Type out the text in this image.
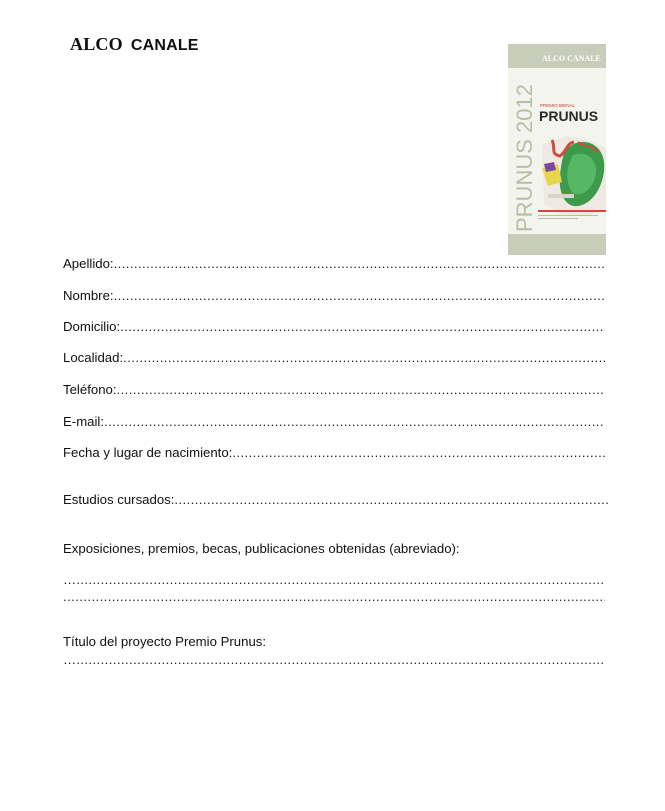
ALCO CANALE
ALCO CANALE
PRUNUS 2012 PREMIO BIENAL
PRUNUS
Apellido:
.....
Nombre:
.....
Domicilio:
.....
Localidad:
.....
Teléfono:
.....
E-mail:
.....
Fecha y lugar de nacimiento:
.....
Estudios cursados:
.....
Exposiciones, premios, becas, publicaciones obtenidas (abreviado):
…
.....
.....
Título del proyecto Premio Prunus:
…
.....
